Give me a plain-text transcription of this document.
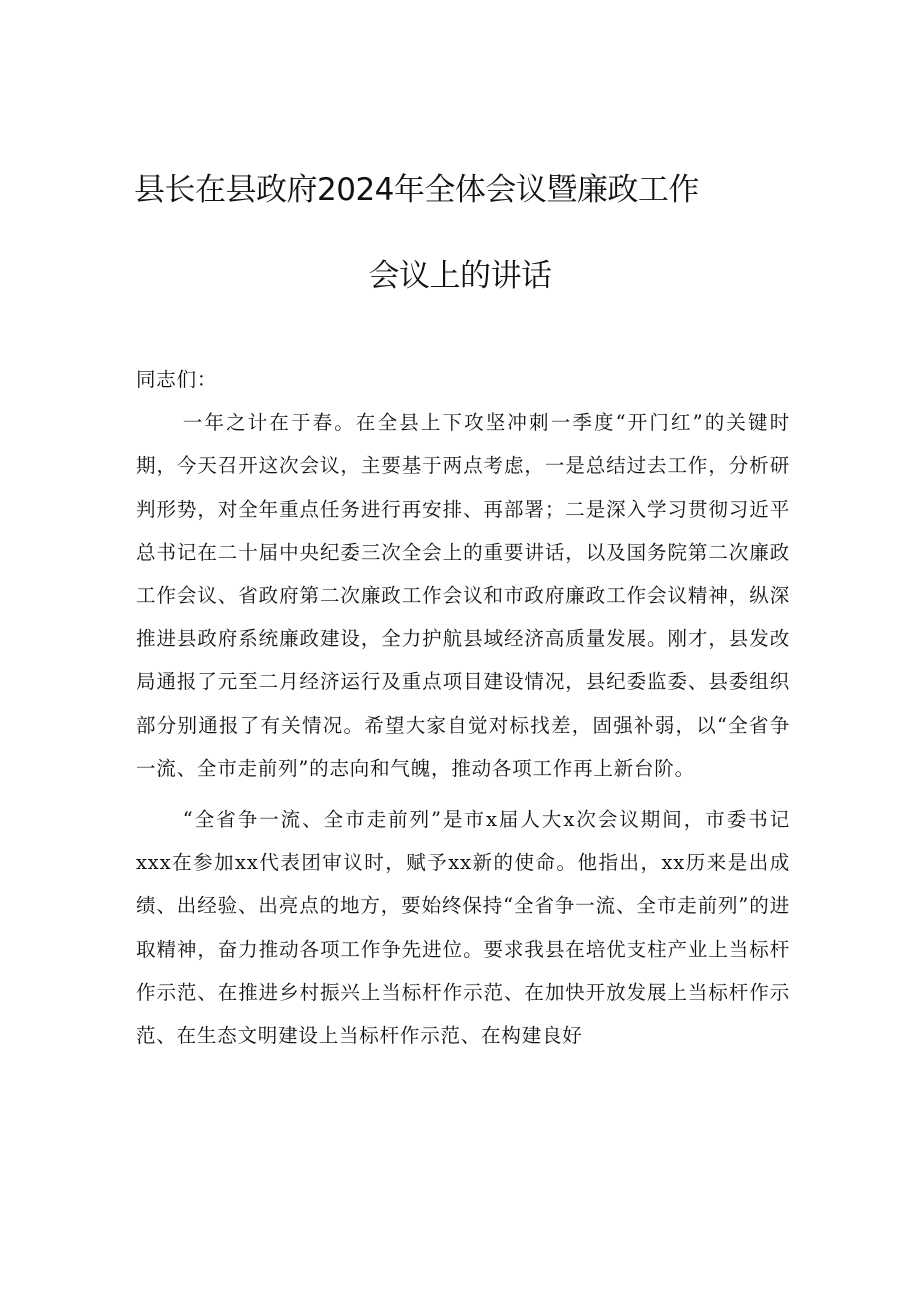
县长在县政府2024年全体会议暨廉政工作
会议上的讲话

同志们：

一年之计在于春。在全县上下攻坚冲刺一季度“开门红”的关键时期，今天召开这次会议，主要基于两点考虑，一是总结过去工作，分析研判形势，对全年重点任务进行再安排、再部署；二是深入学习贯彻习近平总书记在二十届中央纪委三次全会上的重要讲话，以及国务院第二次廉政工作会议、省政府第二次廉政工作会议和市政府廉政工作会议精神，纵深推进县政府系统廉政建设，全力护航县域经济高质量发展。刚才，县发改局通报了元至二月经济运行及重点项目建设情况，县纪委监委、县委组织部分别通报了有关情况。希望大家自觉对标找差，固强补弱，以“全省争一流、全市走前列”的志向和气魄，推动各项工作再上新台阶。

“全省争一流、全市走前列”是市x届人大x次会议期间，市委书记xxx在参加xx代表团审议时，赋予xx新的使命。他指出，xx历来是出成绩、出经验、出亮点的地方，要始终保持“全省争一流、全市走前列”的进取精神，奋力推动各项工作争先进位。要求我县在培优支柱产业上当标杆作示范、在推进乡村振兴上当标杆作示范、在加快开放发展上当标杆作示范、在生态文明建设上当标杆作示范、在构建良好
